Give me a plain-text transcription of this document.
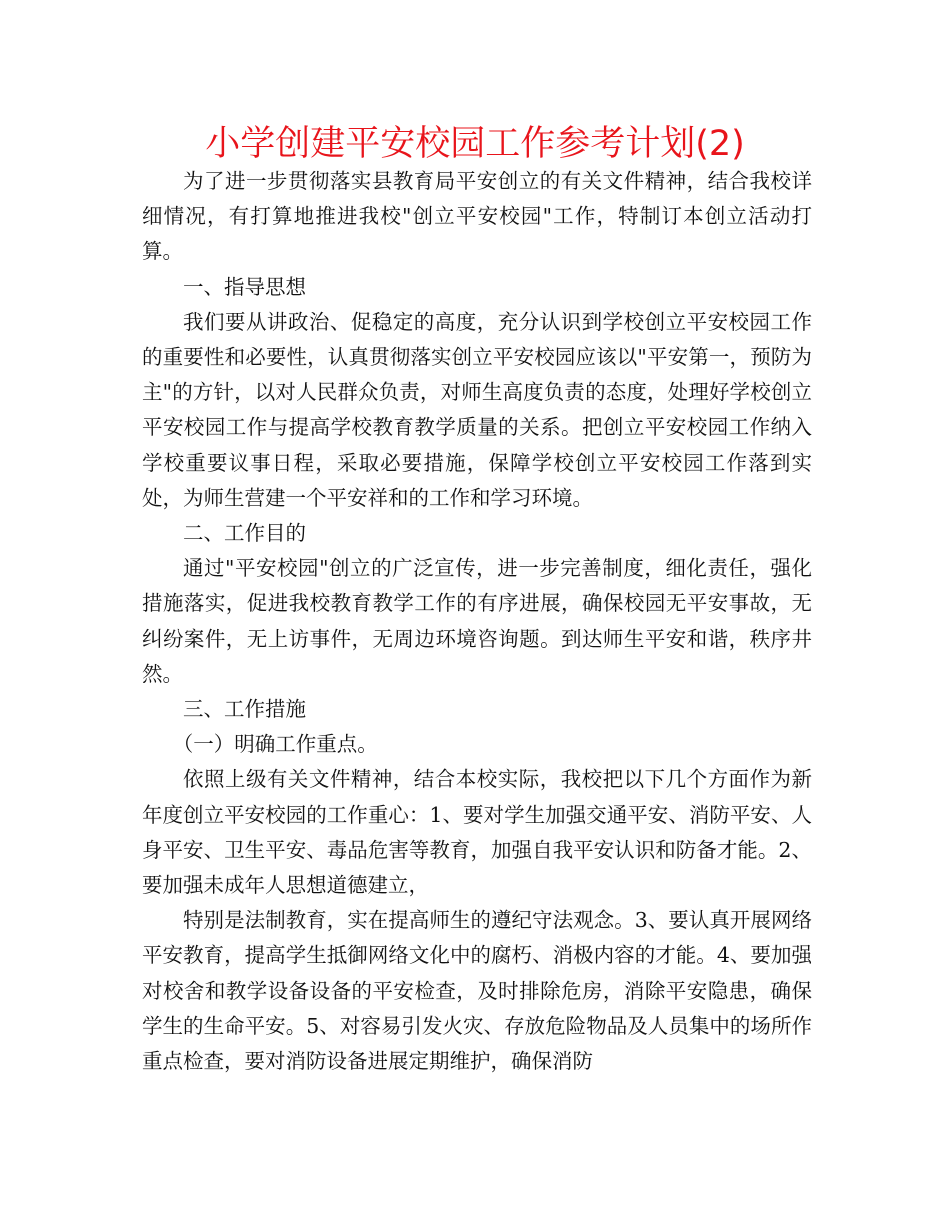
小学创建平安校园工作参考计划(2)

为了进一步贯彻落实县教育局平安创立的有关文件精神，结合我校详细情况，有打算地推进我校"创立平安校园"工作，特制订本创立活动打算。

一、指导思想

我们要从讲政治、促稳定的高度，充分认识到学校创立平安校园工作的重要性和必要性，认真贯彻落实创立平安校园应该以"平安第一，预防为主"的方针，以对人民群众负责，对师生高度负责的态度，处理好学校创立平安校园工作与提高学校教育教学质量的关系。把创立平安校园工作纳入学校重要议事日程，采取必要措施，保障学校创立平安校园工作落到实处，为师生营建一个平安祥和的工作和学习环境。

二、工作目的

通过"平安校园"创立的广泛宣传，进一步完善制度，细化责任，强化措施落实，促进我校教育教学工作的有序进展，确保校园无平安事故，无纠纷案件，无上访事件，无周边环境咨询题。到达师生平安和谐，秩序井然。

三、工作措施

（一）明确工作重点。

依照上级有关文件精神，结合本校实际，我校把以下几个方面作为新年度创立平安校园的工作重心：1、要对学生加强交通平安、消防平安、人身平安、卫生平安、毒品危害等教育，加强自我平安认识和防备才能。2、要加强未成年人思想道德建立，

特别是法制教育，实在提高师生的遵纪守法观念。3、要认真开展网络平安教育，提高学生抵御网络文化中的腐朽、消极内容的才能。4、要加强对校舍和教学设备设备的平安检查，及时排除危房，消除平安隐患，确保学生的生命平安。5、对容易引发火灾、存放危险物品及人员集中的场所作重点检查，要对消防设备进展定期维护，确保消防
